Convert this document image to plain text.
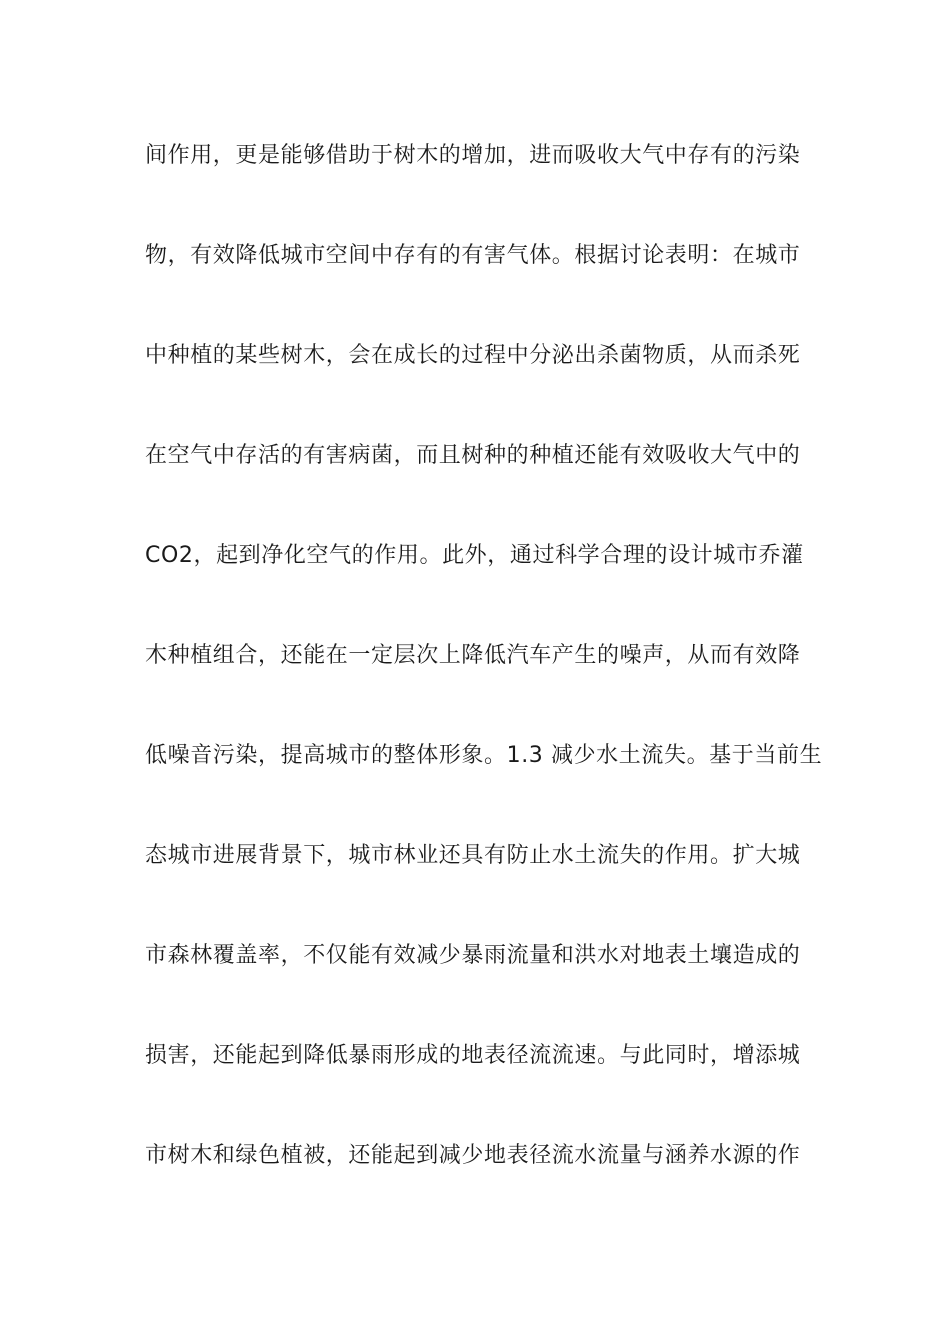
间作用，更是能够借助于树木的增加，进而吸收大气中存有的污染
物，有效降低城市空间中存有的有害气体。根据讨论表明：在城市
中种植的某些树木，会在成长的过程中分泌出杀菌物质，从而杀死
在空气中存活的有害病菌，而且树种的种植还能有效吸收大气中的
CO2，起到净化空气的作用。此外，通过科学合理的设计城市乔灌
木种植组合，还能在一定层次上降低汽车产生的噪声，从而有效降
低噪音污染，提高城市的整体形象。1.3 减少水土流失。基于当前生
态城市进展背景下，城市林业还具有防止水土流失的作用。扩大城
市森林覆盖率，不仅能有效减少暴雨流量和洪水对地表土壤造成的
损害，还能起到降低暴雨形成的地表径流流速。与此同时，增添城
市树木和绿色植被，还能起到减少地表径流水流量与涵养水源的作
